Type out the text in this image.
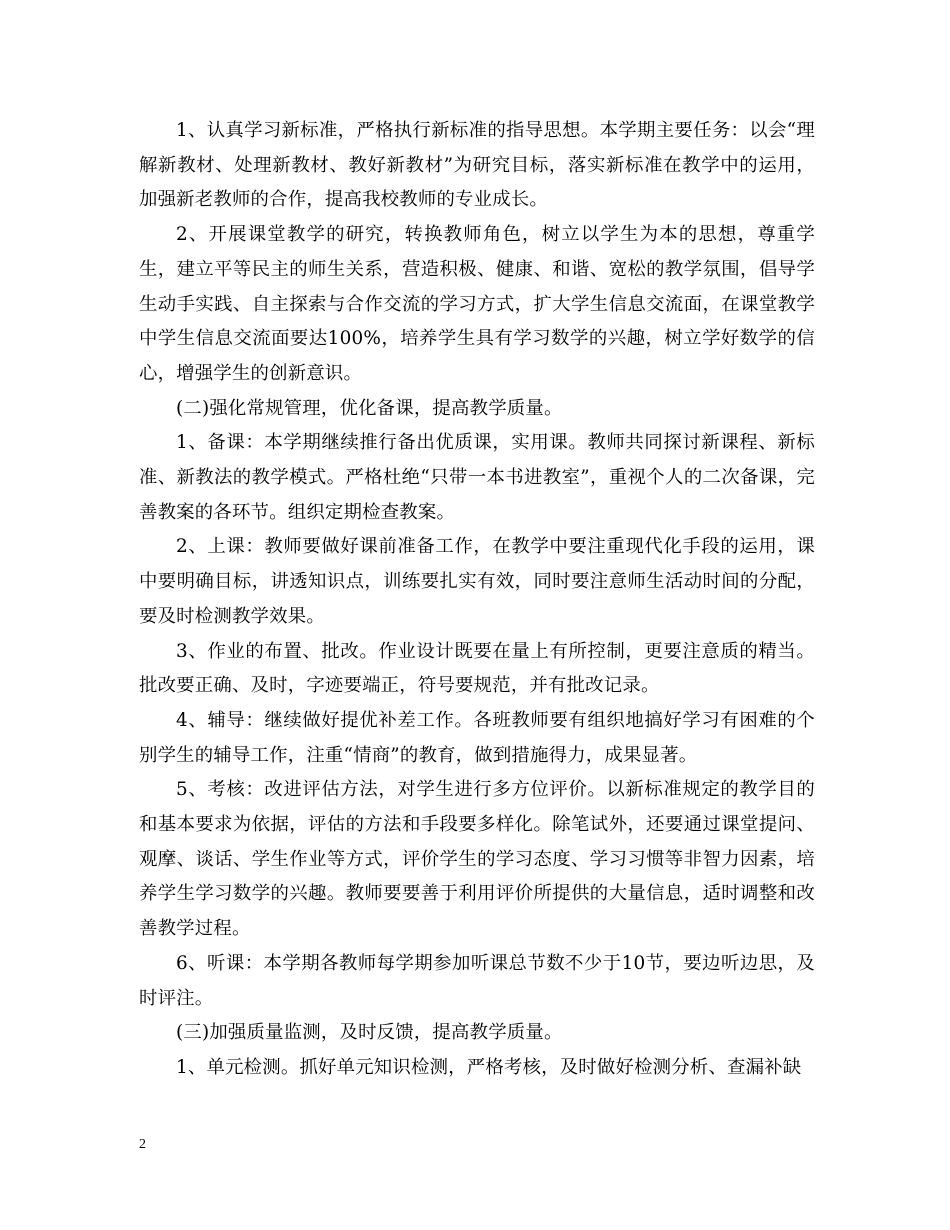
1、认真学习新标准，严格执行新标准的指导思想。本学期主要任务：以会“理解新教材、处理新教材、教好新教材”为研究目标，落实新标准在教学中的运用，加强新老教师的合作，提高我校教师的专业成长。

2、开展课堂教学的研究，转换教师角色，树立以学生为本的思想，尊重学生，建立平等民主的师生关系，营造积极、健康、和谐、宽松的教学氛围，倡导学生动手实践、自主探索与合作交流的学习方式，扩大学生信息交流面，在课堂教学中学生信息交流面要达100%，培养学生具有学习数学的兴趣，树立学好数学的信心，增强学生的创新意识。

(二)强化常规管理，优化备课，提高教学质量。

1、备课：本学期继续推行备出优质课，实用课。教师共同探讨新课程、新标准、新教法的教学模式。严格杜绝“只带一本书进教室”，重视个人的二次备课，完善教案的各环节。组织定期检查教案。

2、上课：教师要做好课前准备工作，在教学中要注重现代化手段的运用，课中要明确目标，讲透知识点，训练要扎实有效，同时要注意师生活动时间的分配，要及时检测教学效果。

3、作业的布置、批改。作业设计既要在量上有所控制，更要注意质的精当。批改要正确、及时，字迹要端正，符号要规范，并有批改记录。

4、辅导：继续做好提优补差工作。各班教师要有组织地搞好学习有困难的个别学生的辅导工作，注重“情商”的教育，做到措施得力，成果显著。

5、考核：改进评估方法，对学生进行多方位评价。以新标准规定的教学目的和基本要求为依据，评估的方法和手段要多样化。除笔试外，还要通过课堂提问、观摩、谈话、学生作业等方式，评价学生的学习态度、学习习惯等非智力因素，培养学生学习数学的兴趣。教师要要善于利用评价所提供的大量信息，适时调整和改善教学过程。

6、听课：本学期各教师每学期参加听课总节数不少于10节，要边听边思，及时评注。

(三)加强质量监测，及时反馈，提高教学质量。

1、单元检测。抓好单元知识检测，严格考核，及时做好检测分析、查漏补缺

2
